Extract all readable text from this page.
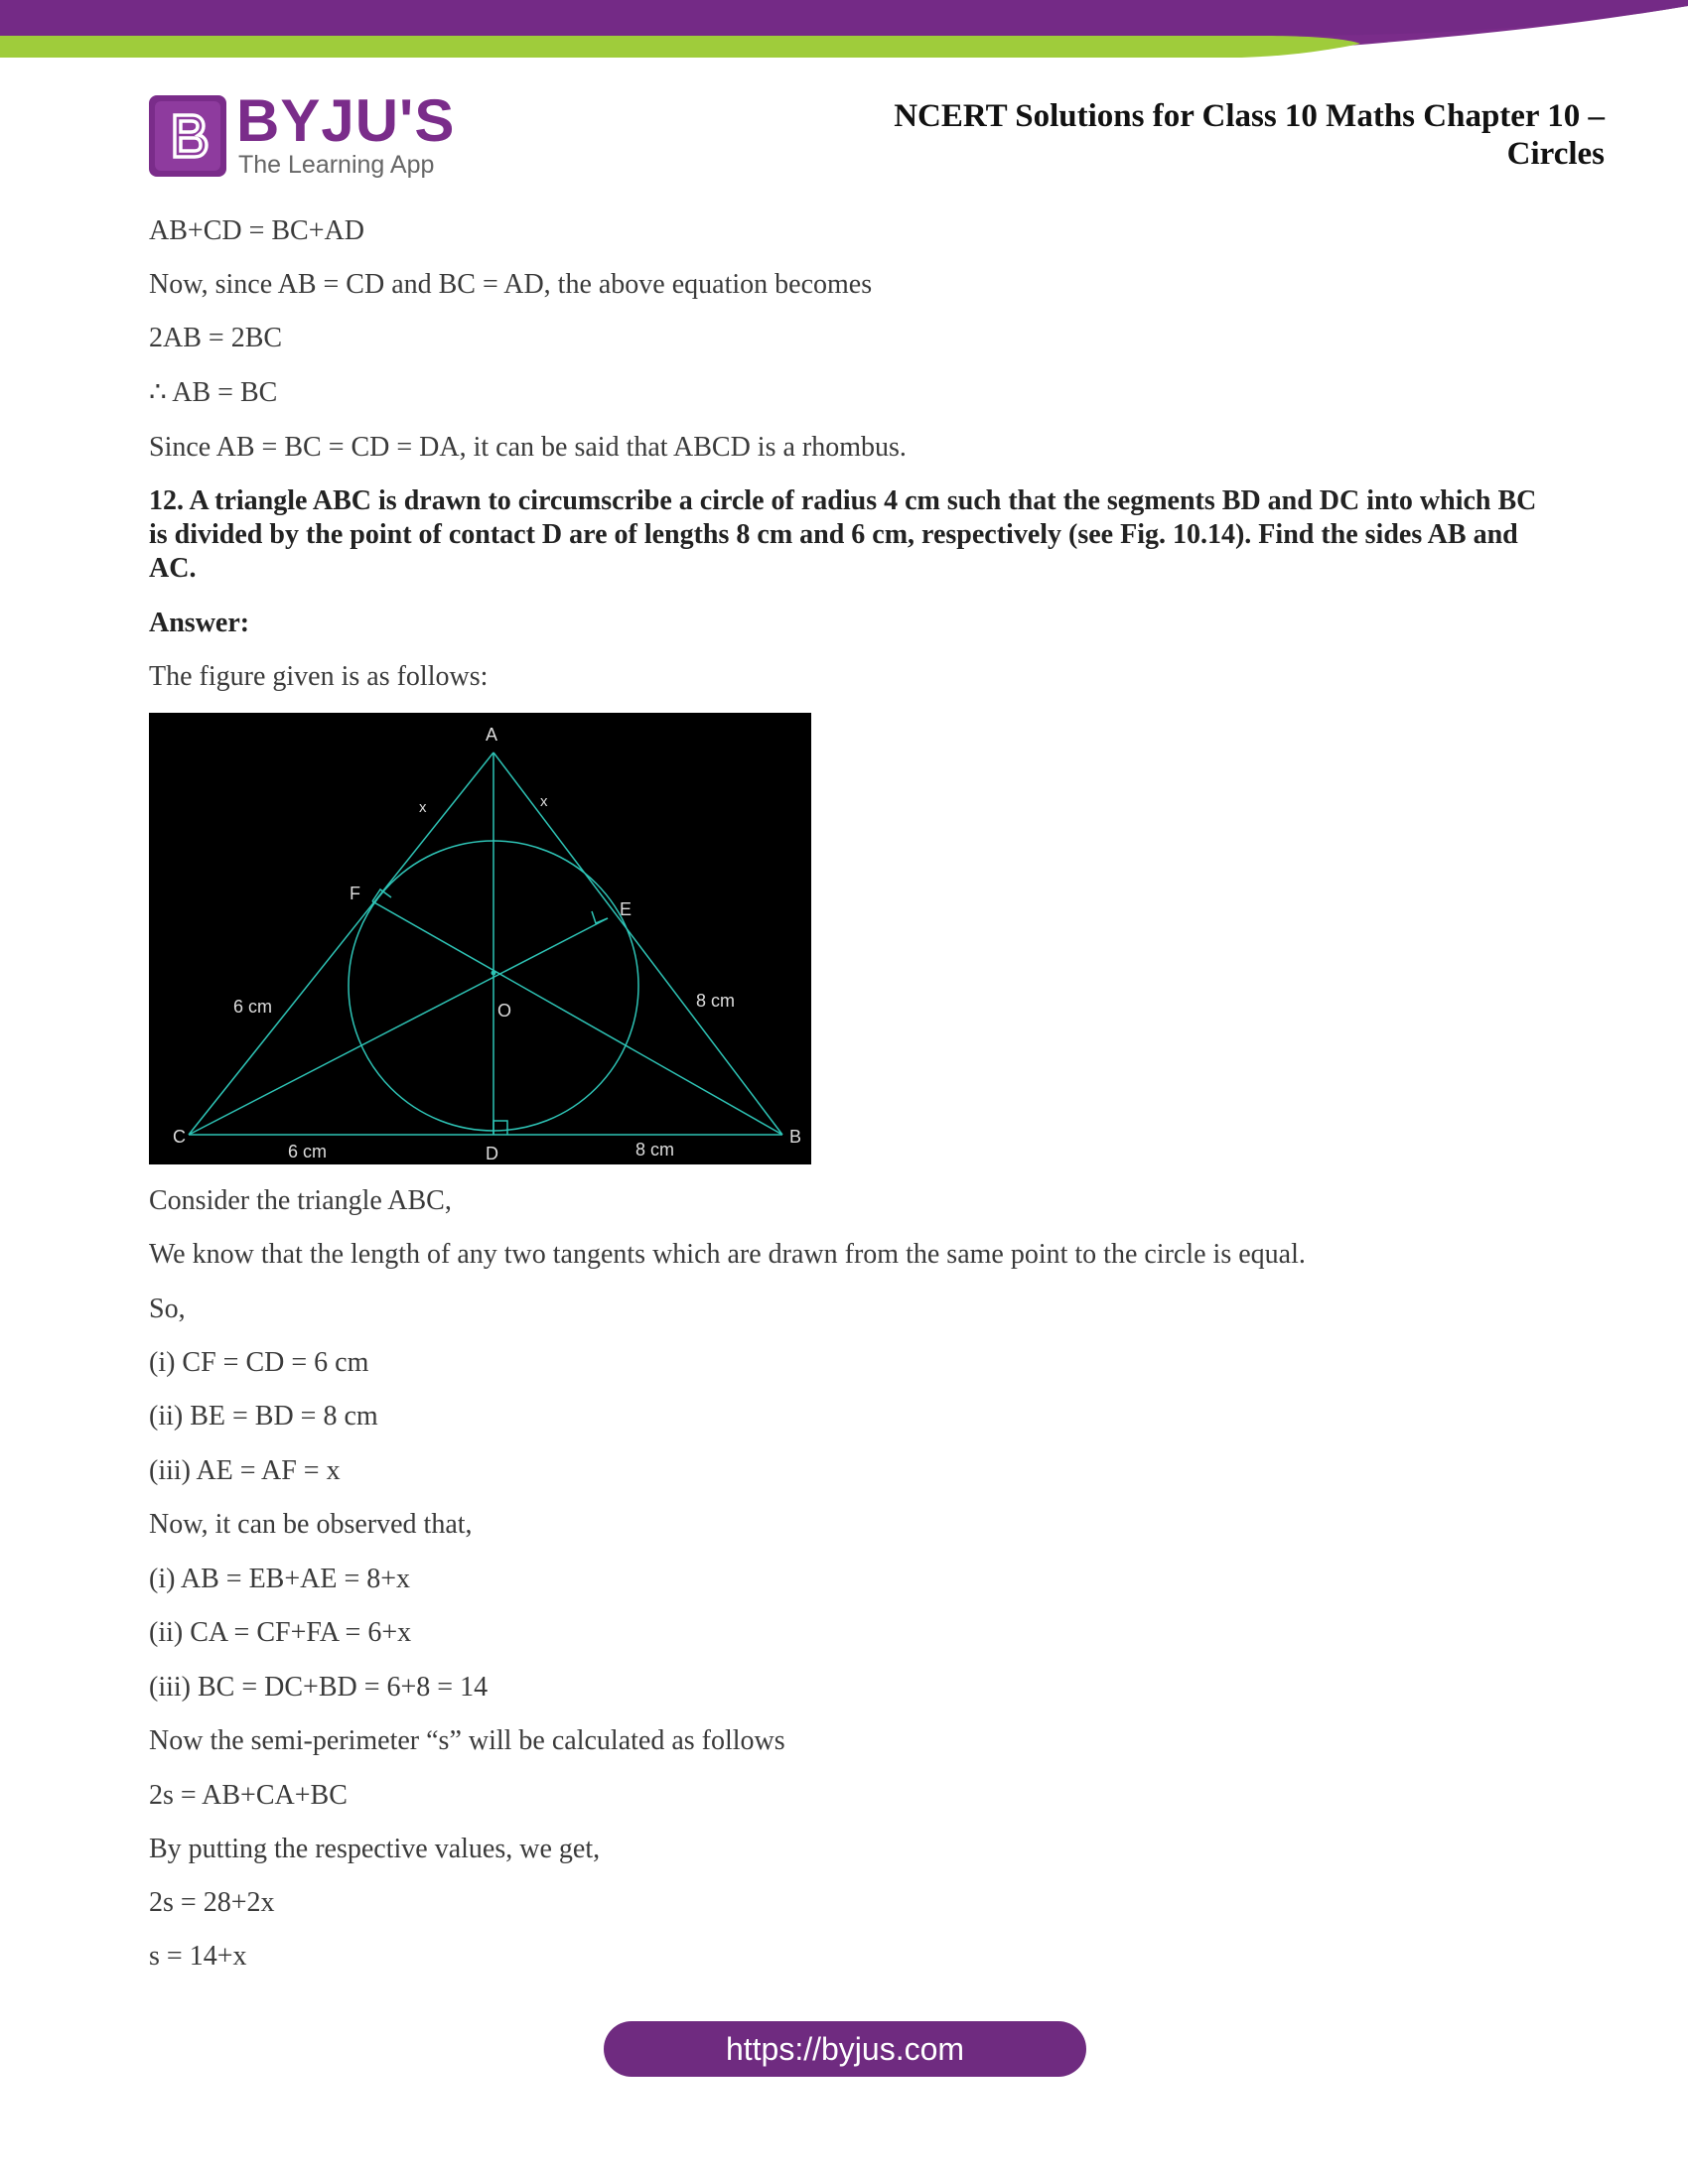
BYJU'S
The Learning App
NCERT Solutions for Class 10 Maths Chapter 10 –
Circles
AB+CD = BC+AD
Now, since AB = CD and BC = AD, the above equation becomes
2AB = 2BC
∴ AB = BC
Since AB = BC = CD = DA, it can be said that ABCD is a rhombus.
12. A triangle ABC is drawn to circumscribe a circle of radius 4 cm such that the segments BD and DC into which BC is divided by the point of contact D are of lengths 8 cm and 6 cm, respectively (see Fig. 10.14). Find the sides AB and AC.
Answer:
The figure given is as follows:
A
B
C
D
E
F
O
x	x
6 cm
6 cm
8 cm
8 cm
Consider the triangle ABC,
We know that the length of any two tangents which are drawn from the same point to the circle is equal.
So,
(i) CF = CD = 6 cm
(ii) BE = BD = 8 cm
(iii) AE = AF = x
Now, it can be observed that,
(i) AB = EB+AE = 8+x
(ii) CA = CF+FA = 6+x
(iii) BC = DC+BD = 6+8 = 14
Now the semi-perimeter “s” will be calculated as follows
2s = AB+CA+BC
By putting the respective values, we get,
2s = 28+2x
s = 14+x
https://byjus.com
